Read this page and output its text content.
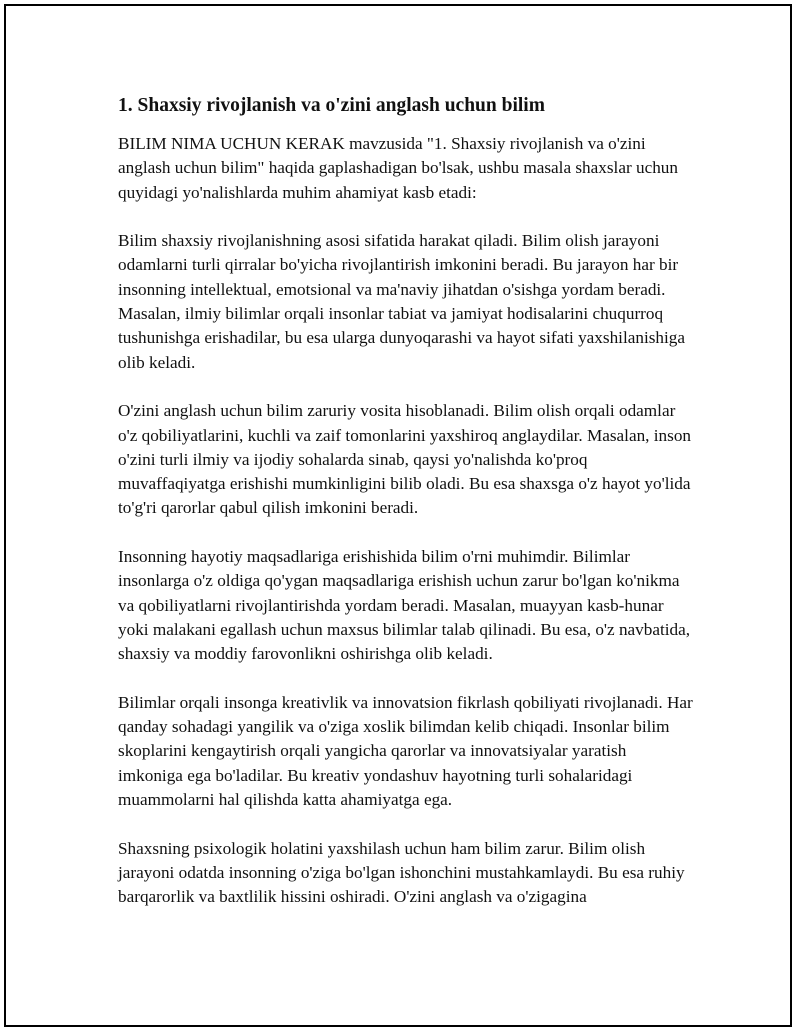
1. Shaxsiy rivojlanish va o'zini anglash uchun bilim

BILIM NIMA UCHUN KERAK mavzusida "1. Shaxsiy rivojlanish va o'zini anglash uchun bilim" haqida gaplashadigan bo'lsak, ushbu masala shaxslar uchun quyidagi yo'nalishlarda muhim ahamiyat kasb etadi:

Bilim shaxsiy rivojlanishning asosi sifatida harakat qiladi. Bilim olish jarayoni odamlarni turli qirralar bo'yicha rivojlantirish imkonini beradi. Bu jarayon har bir insonning intellektual, emotsional va ma'naviy jihatdan o'sishga yordam beradi. Masalan, ilmiy bilimlar orqali insonlar tabiat va jamiyat hodisalarini chuqurroq tushunishga erishadilar, bu esa ularga dunyoqarashi va hayot sifati yaxshilanishiga olib keladi.

O'zini anglash uchun bilim zaruriy vosita hisoblanadi. Bilim olish orqali odamlar o'z qobiliyatlarini, kuchli va zaif tomonlarini yaxshiroq anglaydilar. Masalan, inson o'zini turli ilmiy va ijodiy sohalarda sinab, qaysi yo'nalishda ko'proq muvaffaqiyatga erishishi mumkinligini bilib oladi. Bu esa shaxsga o'z hayot yo'lida to'g'ri qarorlar qabul qilish imkonini beradi.

Insonning hayotiy maqsadlariga erishishida bilim o'rni muhimdir. Bilimlar insonlarga o'z oldiga qo'ygan maqsadlariga erishish uchun zarur bo'lgan ko'nikma va qobiliyatlarni rivojlantirishda yordam beradi. Masalan, muayyan kasb-hunar yoki malakani egallash uchun maxsus bilimlar talab qilinadi. Bu esa, o'z navbatida, shaxsiy va moddiy farovonlikni oshirishga olib keladi.

Bilimlar orqali insonga kreativlik va innovatsion fikrlash qobiliyati rivojlanadi. Har qanday sohadagi yangilik va o'ziga xoslik bilimdan kelib chiqadi. Insonlar bilim skoplarini kengaytirish orqali yangicha qarorlar va innovatsiyalar yaratish imkoniga ega bo'ladilar. Bu kreativ yondashuv hayotning turli sohalaridagi muammolarni hal qilishda katta ahamiyatga ega.

Shaxsning psixologik holatini yaxshilash uchun ham bilim zarur. Bilim olish jarayoni odatda insonning o'ziga bo'lgan ishonchini mustahkamlaydi. Bu esa ruhiy barqarorlik va baxtlilik hissini oshiradi. O'zini anglash va o'zigagina
